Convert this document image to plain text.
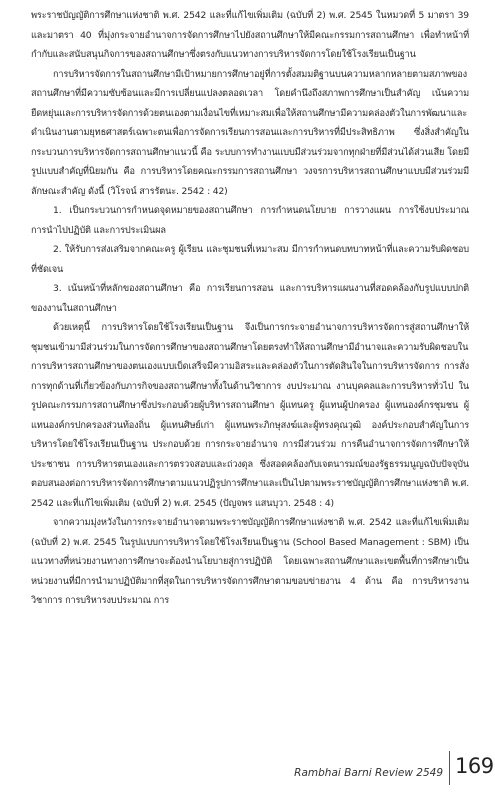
พระราชบัญญัติการศึกษาแห่งชาติ พ.ศ. 2542 และที่แก้ไขเพิ่มเติม (ฉบับที่ 2) พ.ศ. 2545 ในหมวดที่ 5 มาตรา 39 และมาตรา 40 ที่มุ่งกระจายอำนาจการจัดการศึกษาไปยังสถานศึกษาให้มีคณะกรรมการสถานศึกษา เพื่อทำหน้าที่กำกับและสนับสนุนกิจการของสถานศึกษาซึ่งตรงกับแนวทางการบริหารจัดการโดยใช้โรงเรียนเป็นฐาน

การบริหารจัดการในสถานศึกษามีเป้าหมายการศึกษาอยู่ที่การตั้งสมมติฐานบนความหลากหลายตามสภาพของสถานศึกษาที่มีความซับซ้อนและมีการเปลี่ยนแปลงตลอดเวลา โดยคำนึงถึงสภาพการศึกษาเป็นสำคัญ เน้นความยืดหยุ่นและการบริหารจัดการด้วยตนเองตามเงื่อนไขที่เหมาะสมเพื่อให้สถานศึกษามีความคล่องตัวในการพัฒนาและดำเนินงานตามยุทธศาสตร์เฉพาะตนเพื่อการจัดการเรียนการสอนและการบริหารที่มีประสิทธิภาพ ซึ่งสิ่งสำคัญในกระบวนการบริหารจัดการสถานศึกษาแนวนี้ คือ ระบบการทำงานแบบมีส่วนร่วมจากทุกฝ่ายที่มีส่วนได้ส่วนเสีย โดยมีรูปแบบสำคัญที่นิยมกัน คือ การบริหารโดยคณะกรรมการสถานศึกษา วงจรการบริหารสถานศึกษาแบบมีส่วนร่วมมีลักษณะสำคัญ ดังนี้ (วิโรจน์ สารรัตนะ. 2542 : 42)

1. เป็นกระบวนการกำหนดจุดหมายของสถานศึกษา การกำหนดนโยบาย การวางแผน การใช้งบประมาณ การนำไปปฏิบัติ และการประเมินผล

2. ให้รับการส่งเสริมจากคณะครู ผู้เรียน และชุมชนที่เหมาะสม มีการกำหนดบทบาทหน้าที่และความรับผิดชอบที่ชัดเจน

3. เน้นหน้าที่หลักของสถานศึกษา คือ การเรียนการสอน และการบริหารแผนงานที่สอดคล้องกับรูปแบบปกติของงานในสถานศึกษา

ด้วยเหตุนี้ การบริหารโดยใช้โรงเรียนเป็นฐาน จึงเป็นการกระจายอำนาจการบริหารจัดการสู่สถานศึกษาให้ชุมชนเข้ามามีส่วนร่วมในการจัดการศึกษาของสถานศึกษาโดยตรงทำให้สถานศึกษามีอำนาจและความรับผิดชอบในการบริหารสถานศึกษาของตนเองแบบเบ็ดเสร็จมีความอิสระและคล่องตัวในการตัดสินใจในการบริหารจัดการ การสั่งการทุกด้านที่เกี่ยวข้องกับภารกิจของสถานศึกษาทั้งในด้านวิชาการ งบประมาณ งานบุคคลและการบริหารทั่วไป ในรูปคณะกรรมการสถานศึกษาซึ่งประกอบด้วยผู้บริหารสถานศึกษา ผู้แทนครู ผู้แทนผู้ปกครอง ผู้แทนองค์กรชุมชน ผู้แทนองค์กรปกครองส่วนท้องถิ่น ผู้แทนศิษย์เก่า ผู้แทนพระภิกษุสงฆ์และผู้ทรงคุณวุฒิ องค์ประกอบสำคัญในการบริหารโดยใช้โรงเรียนเป็นฐาน ประกอบด้วย การกระจายอำนาจ การมีส่วนร่วม การคืนอำนาจการจัดการศึกษาให้ประชาชน การบริหารตนเองและการตรวจสอบและถ่วงดุล ซึ่งสอดคล้องกับเจตนารมณ์ของรัฐธรรมนูญฉบับปัจจุบันตอบสนองต่อการบริหารจัดการศึกษาตามแนวปฏิรูปการศึกษาและเป็นไปตามพระราชบัญญัติการศึกษาแห่งชาติ พ.ศ. 2542 และที่แก้ไขเพิ่มเติม (ฉบับที่ 2) พ.ศ. 2545 (ปัญจพร แสนบุวา. 2548 : 4)

จากความมุ่งหวังในการกระจายอำนาจตามพระราชบัญญัติการศึกษาแห่งชาติ พ.ศ. 2542 และที่แก้ไขเพิ่มเติม (ฉบับที่ 2) พ.ศ. 2545 ในรูปแบบการบริหารโดยใช้โรงเรียนเป็นฐาน (School Based Management : SBM) เป็นแนวทางที่หน่วยงานทางการศึกษาจะต้องนำนโยบายสู่การปฏิบัติ โดยเฉพาะสถานศึกษาและเขตพื้นที่การศึกษาเป็นหน่วยงานที่มีการนำมาปฏิบัติมากที่สุดในการบริหารจัดการศึกษาตามขอบข่ายงาน 4 ด้าน คือ การบริหารงานวิชาการ การบริหารงบประมาณ การ

Rambhai Barni Review 2549 169
